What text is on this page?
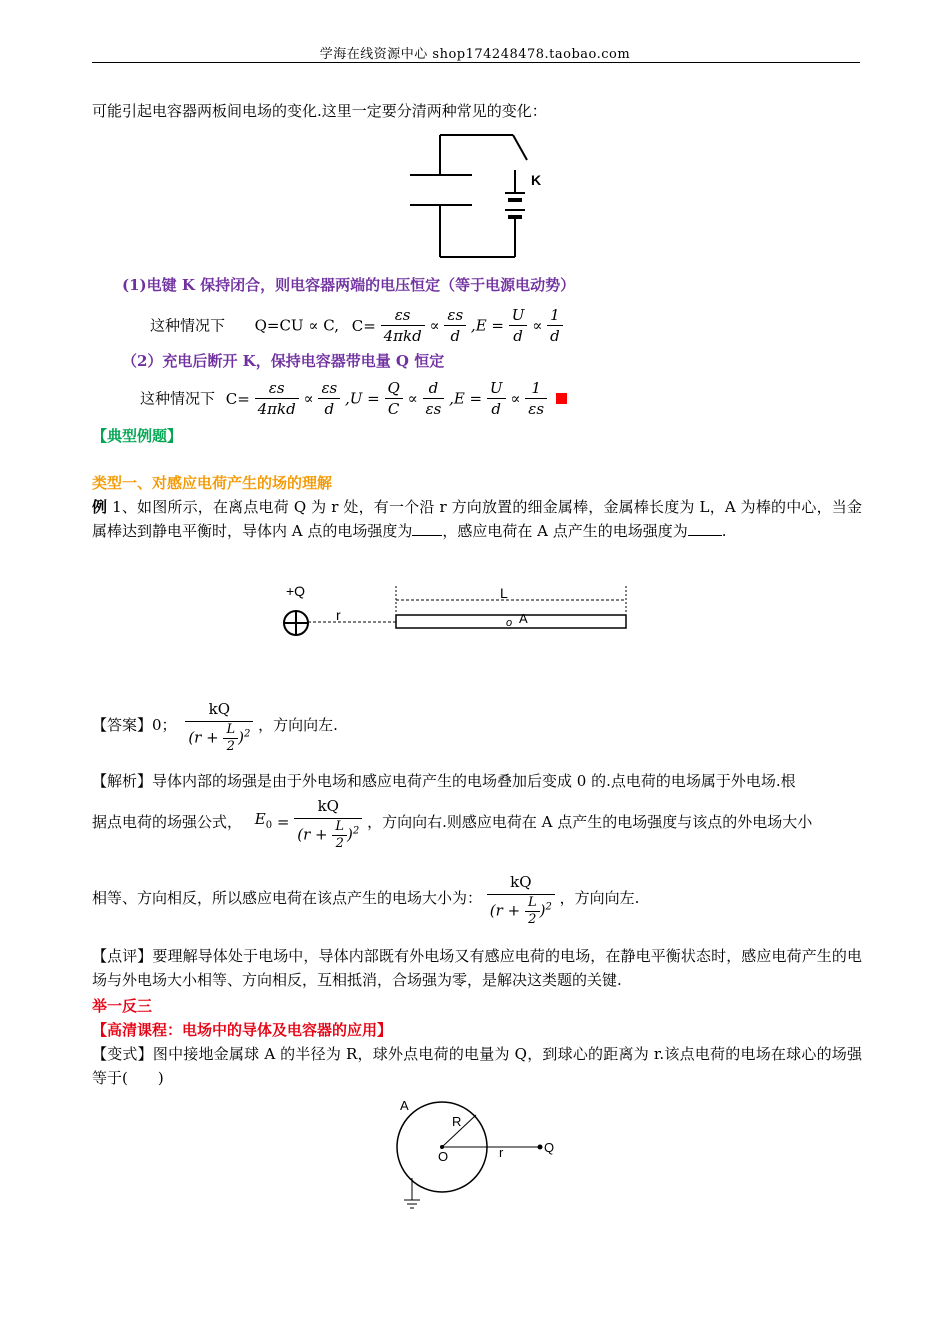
学海在线资源中心 shop174248478.taobao.com
可能引起电容器两板间电场的变化.这里一定要分清两种常见的变化：
K
(1)电键 K 保持闭合，则电容器两端的电压恒定（等于电源电动势）
这种情况下 Q=CU ∝ C, $C= \frac{\varepsilon s}{\text{4πkd}} \propto \frac{\varepsilon s}{d} ,E = \frac{U}{d} \propto \frac{1}{d}$
（2）充电后断开 K，保持电容器带电量 Q 恒定
这种情况下 $C= \frac{\varepsilon s}{\text{4πkd}} \propto \frac{\varepsilon s}{d} ,U = \frac{Q}{C} \propto \frac{d}{\varepsilon s} ,E = \frac{U}{d} \propto \frac{1}{\varepsilon s}$

【典型例题】
类型一、对感应电荷产生的场的理解
例 1、如图所示，在离点电荷 Q 为 r 处，有一个沿 r 方向放置的细金属棒，金属棒长度为 L，A 为棒的中心，当金属棒达到静电平衡时，导体内 A 点的电场强度为 ，感应电荷在 A 点产生的电场强度为 .
+Q
r
L
o A
【答案】0； $\frac{kQ}{(r + \frac{L}{2} )^2}$ ，方向向左.
【解析】导体内部的场强是由于外电场和感应电荷产生的电场叠加后变成 0 的.点电荷的电场属于外电场.根
据点电荷的场强公式， $E_0 = \frac{kQ}{(r + \frac{L}{2} )^2}$ ，方向向右.则感应电荷在 A 点产生的电场强度与该点的外电场大小
相等、方向相反，所以感应电荷在该点产生的电场大小为： $\frac{kQ}{(r + \frac{L}{2} )^2}$ ，方向向左.
【点评】要理解导体处于电场中，导体内部既有外电场又有感应电荷的电场，在静电平衡状态时，感应电荷产生的电场与外电场大小相等、方向相反，互相抵消，合场强为零，是解决这类题的关键.
举一反三
【高清课程：电场中的导体及电容器的应用】
【变式】图中接地金属球 A 的半径为 R，球外点电荷的电量为 Q，到球心的距离为 r.该点电荷的电场在球心的场强等于(　　)
A
R
O	r	Q
